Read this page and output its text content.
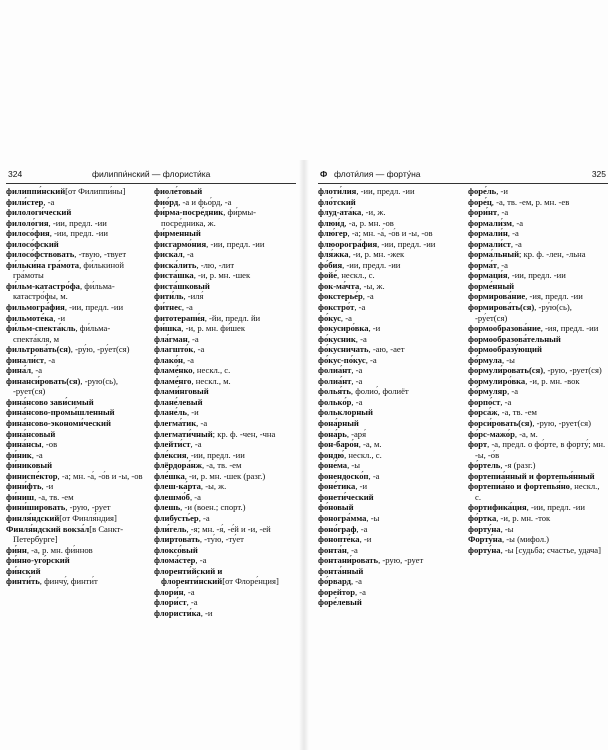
324	филиппи́нский — флористи́ка
филиппи́нский[от Филиппи́ны]
фили́стер, -а
филологи́ческий
филоло́гия, -ии, предл. -ии
филосо́фия, -ии, предл. -ии
филосо́фский
филосо́фствовать, -твую, -твует
фи́льки́на гра́мота, фи́лькиной гра́моты
фи́льм-катастро́фа, фи́льма-катастро́фы, м.
фильмогра́фия, -ии, предл. -ии
фильмоте́ка, -и
фи́льм-спекта́кль, фи́льма-спекта́кля, м
фильтрова́ть(ся), -ру́ю, -ру́ет(ся)
финали́ст, -а
фина́л, -а
финанси́ровать(ся), -рую(сь), -рует(ся)
фина́нсово зави́симый
фина́нсово-промы́шленный
фина́нсово-экономи́ческий
фина́нсовый
фина́нсы, -ов
фи́ник, -а
фи́никовый
финиспе́ктор, -а; мн. -а́, -о́в и -ы, -ов
фини́фть, -и
фи́ниш, -а, тв. -ем
фини́шировать, -рую, -рует
финля́ндский[от Финля́ндия]
Финля́ндский вокза́л[в Санкт-Петербурге]
фи́нн, -а, р. мн. фи́ннов
фи́нно-уго́рский
фи́нский
финти́ть, финчу́, финти́т
фиоле́товый
фио́рд, -а и фьо́рд, -а
фи́рма-посре́дник, фи́рмы-посре́дника, ж.
фи́рменный
фисгармо́ния, -ии, предл. -ии
фиска́л, -а
фиска́лить, -лю, -лит
фиста́шка, -и, р. мн. -шек
фиста́шковый
фити́ль, -иля́
фи́тнес, -а
фитотерапи́я, -йи, предл. йи
фи́шка, -и, р. мн. фи́шек
фла́гман, -а
флагшто́к, -а
флако́н, -а
фламе́нко, нескл., с.
фламе́нго, нескл., м.
флами́нговый
флане́левый
флане́ль, -и
флегма́тик, -а
флегмати́чный; кр. ф. -чен, -чна
флейти́ст, -а
фле́ксия, -ии, предл. -ии
флёрдора́нж, -а, тв. -ем
фле́шка, -и, р. мн. -шек (разг.)
флеш-ка́рта, -ы, ж.
флешмо́б, -а
флешь, -и (воен.; спорт.)
флибусть́ер, -а
фли́гель, -я; мн. -я́, -е́й и -и, -ей
флиртова́ть, -ту́ю, -ту́ет
флоксо́вый
флома́стер, -а
флоренти́йский и флоренти́нский[от Флоре́нция]
флори́н, -а
флори́ст, -а
флористи́ка, -и
Ф флоти́лия — форту́на	325
флоти́лия, -ии, предл. -ии
фло́тский
флуд-ата́ка, -и, ж.
флюи́д, -а, р. мн. -ов
флю́гер, -а; мн. -а́, -о́в и -ы, -ов
флюорогра́фия, -ии, предл. -ии
фля́жка, -и, р. мн. -жек
фо́бия, -ии, предл. -ии
фойе́, нескл., с.
фок-ма́чта, -ы, ж.
фокстерье́р, -а
фокстро́т, -а
фо́кус, -а
фокусиро́вка, -и
фо́кусник, -а
фо́кусничать, -аю, -ает
фо́кус-по́кус, -а
фолиа́нт, -а
фолиа́нт, -а
фолья́ть, фолио́, фолиёт
фолько́р, -а
фольклорный
фона́рный
фона́рь, -аря́
фон-баро́н, -а, м.
фондю́, нескл., с.
фоне́ма, -ы
фонендоско́п, -а
фоне́тика, -и
фонети́ческий
фо́новый
фоногра́мма, -ы
фоно́граф, -а
фонопте́ка, -и
фонта́н, -а
фонтани́ровать, -рую, -рует
фонта́нный
фо́рвард, -а
форейтор, -а
форе́левый
форе́ль, -и
форе́ц, -а, тв. -ем, р. мн. -ев
фори́нт, -а
формали́зм, -а
формали́н, -а
формали́ст, -а
форма́льный; кр. ф. -лен, -льна
форма́т, -а
формаци́я, -ии, предл. -ии
форме́нный
формирова́ние, -ия, предл. -ии
формирова́ть(ся), -ру́ю(сь), -ру́ет(ся)
формообразова́ние, -ия, предл. -ии
формообразова́тельный
формообразу́ющий
фо́рмула, -ы
формули́ровать(ся), -рую, -рует(ся)
формулиро́вка, -и, р. мн. -вок
фо́рмуляр, -а
форпо́ст, -а
форса́ж, -а, тв. -ем
форси́ровать(ся), -рую, -рует(ся)
фо́рс-мажо́р, -а, м.
форт, -а, предл. о фо́рте, в форту́; мн. -ы, -о́в
фо́ртель, -я (разг.)
фортепиа́нный и фортепья́нный
фортепиа́но и фортепья́но, нескл., с.
фортифика́ция, -ии, предл. -ии
фо́ртка, -и, р. мн. -ток
форту́на, -ы
Форту́на, -ы (мифол.)
форту́на, -ы [судьба; счастье, удача]
